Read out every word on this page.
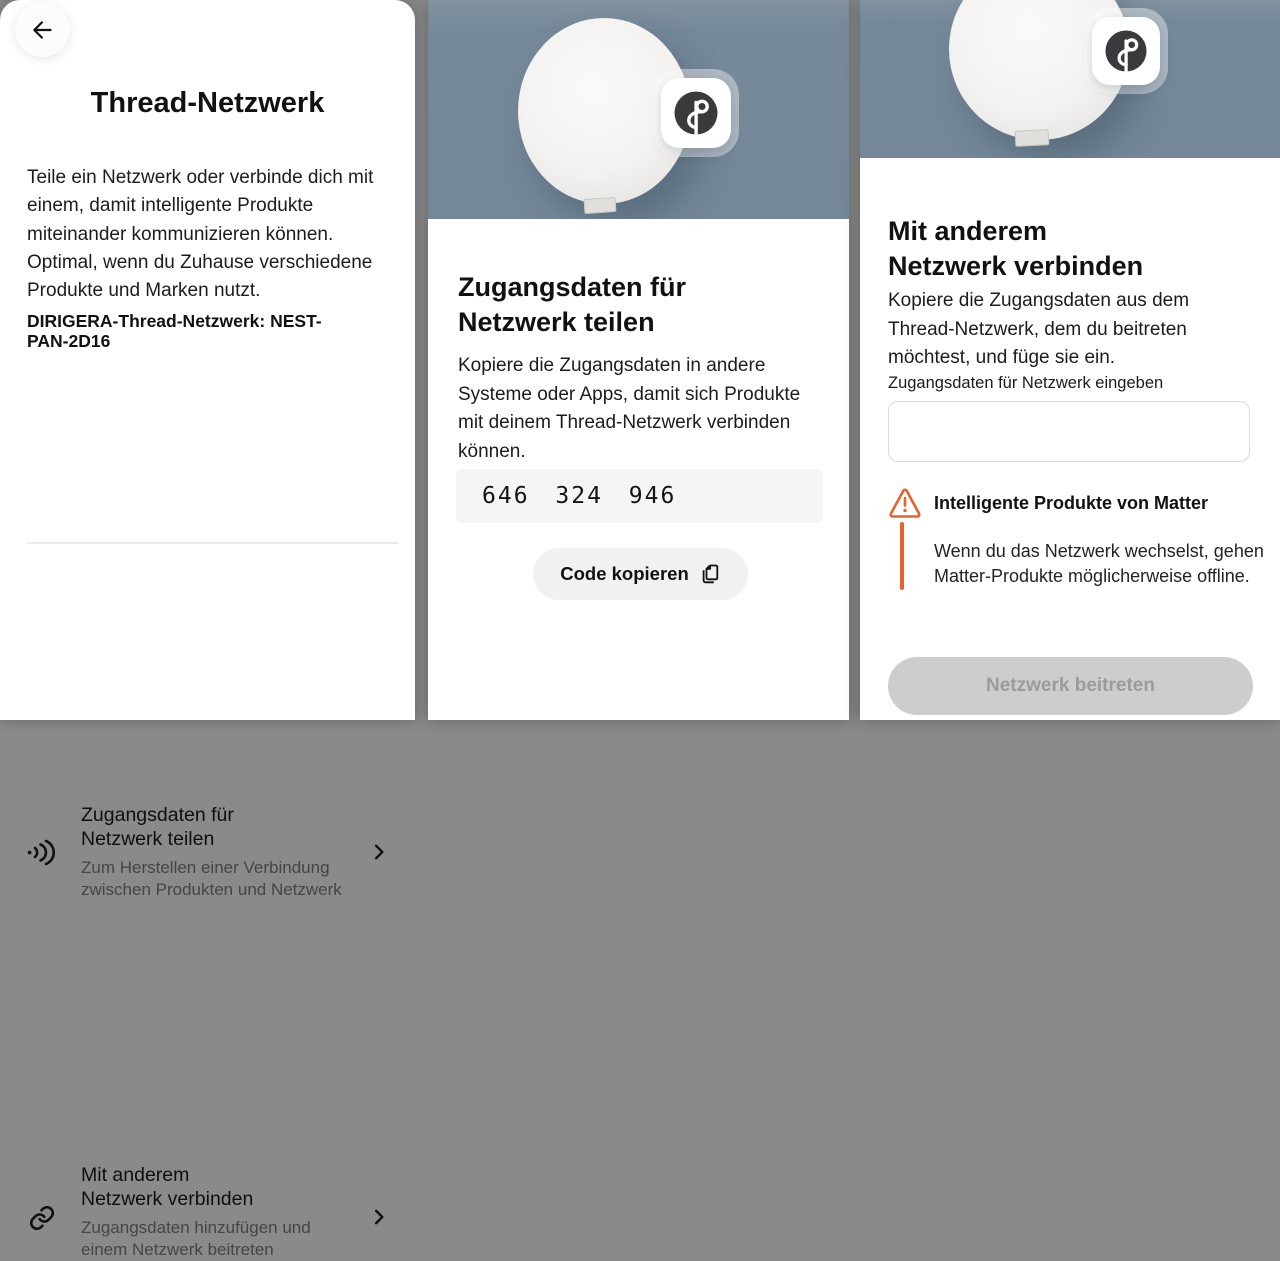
Thread-Netzwerk

Teile ein Netzwerk oder verbinde dich mit einem, damit intelligente Produkte miteinander kommunizieren können. Optimal, wenn du Zuhause verschiedene Produkte und Marken nutzt.

DIRIGERA-Thread-Netzwerk: NEST-PAN-2D16

Zugangsdaten für Netzwerk teilen
Zum Herstellen einer Verbindung zwischen Produkten und Netzwerk
Mit anderem Netzwerk verbinden
Zugangsdaten hinzufügen und einem Netzwerk beitreten
Zugangsdaten für Netzwerk teilen

Kopiere die Zugangsdaten in andere Systeme oder Apps, damit sich Produkte mit deinem Thread-Netzwerk verbinden können.

646 324 946
Code kopieren
Mit anderem Netzwerk verbinden

Kopiere die Zugangsdaten aus dem Thread-Netzwerk, dem du beitreten möchtest, und füge sie ein.

Zugangsdaten für Netzwerk eingeben
Intelligente Produkte von Matter

Wenn du das Netzwerk wechselst, gehen Matter-Produkte möglicherweise offline.

Netzwerk beitreten
